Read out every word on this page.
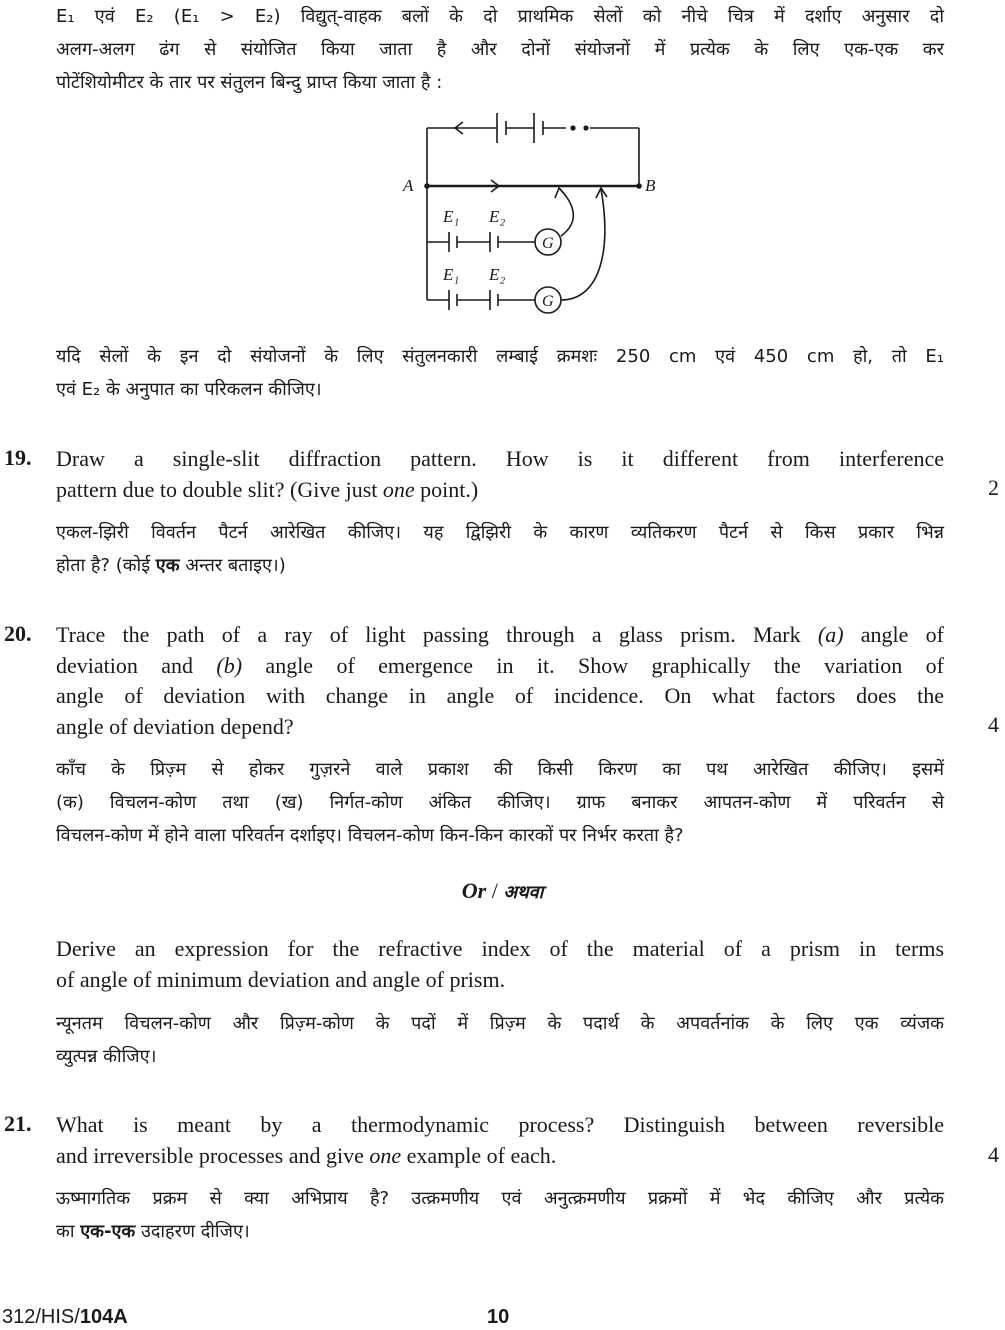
E₁ एवं E₂ (E₁ > E₂) विद्युत्-वाहक बलों के दो प्राथमिक सेलों को नीचे चित्र में दर्शाए अनुसार दो
अलग-अलग ढंग से संयोजित किया जाता है और दोनों संयोजनों में प्रत्येक के लिए एक-एक कर
पोटेंशियोमीटर के तार पर संतुलन बिन्दु प्राप्त किया जाता है :
A	B
E₁ E₂
E₁ E₂
G
G
यदि सेलों के इन दो संयोजनों के लिए संतुलनकारी लम्बाई क्रमशः 250 cm एवं 450 cm हो, तो E₁
एवं E₂ के अनुपात का परिकलन कीजिए।
19.
2
Draw a single-slit diffraction pattern. How is it different from interference
pattern due to double slit? (Give just one point.)
एकल-झिरी विवर्तन पैटर्न आरेखित कीजिए। यह द्विझिरी के कारण व्यतिकरण पैटर्न से किस प्रकार भिन्न
होता है? (कोई एक अन्तर बताइए।)
20.
4
Trace the path of a ray of light passing through a glass prism. Mark (a) angle of
deviation and (b) angle of emergence in it. Show graphically the variation of
angle of deviation with change in angle of incidence. On what factors does the
angle of deviation depend?
काँच के प्रिज़्म से होकर गुज़रने वाले प्रकाश की किसी किरण का पथ आरेखित कीजिए। इसमें
(क) विचलन-कोण तथा (ख) निर्गत-कोण अंकित कीजिए। ग्राफ बनाकर आपतन-कोण में परिवर्तन से
विचलन-कोण में होने वाला परिवर्तन दर्शाइए। विचलन-कोण किन-किन कारकों पर निर्भर करता है?
Or / अथवा
Derive an expression for the refractive index of the material of a prism in terms
of angle of minimum deviation and angle of prism.
न्यूनतम विचलन-कोण और प्रिज़्म-कोण के पदों में प्रिज़्म के पदार्थ के अपवर्तनांक के लिए एक व्यंजक
व्युत्पन्न कीजिए।
21.
4
What is meant by a thermodynamic process? Distinguish between reversible
and irreversible processes and give one example of each.
ऊष्मागतिक प्रक्रम से क्या अभिप्राय है? उत्क्रमणीय एवं अनुत्क्रमणीय प्रक्रमों में भेद कीजिए और प्रत्येक
का एक-एक उदाहरण दीजिए।
312/HIS/104A	10
